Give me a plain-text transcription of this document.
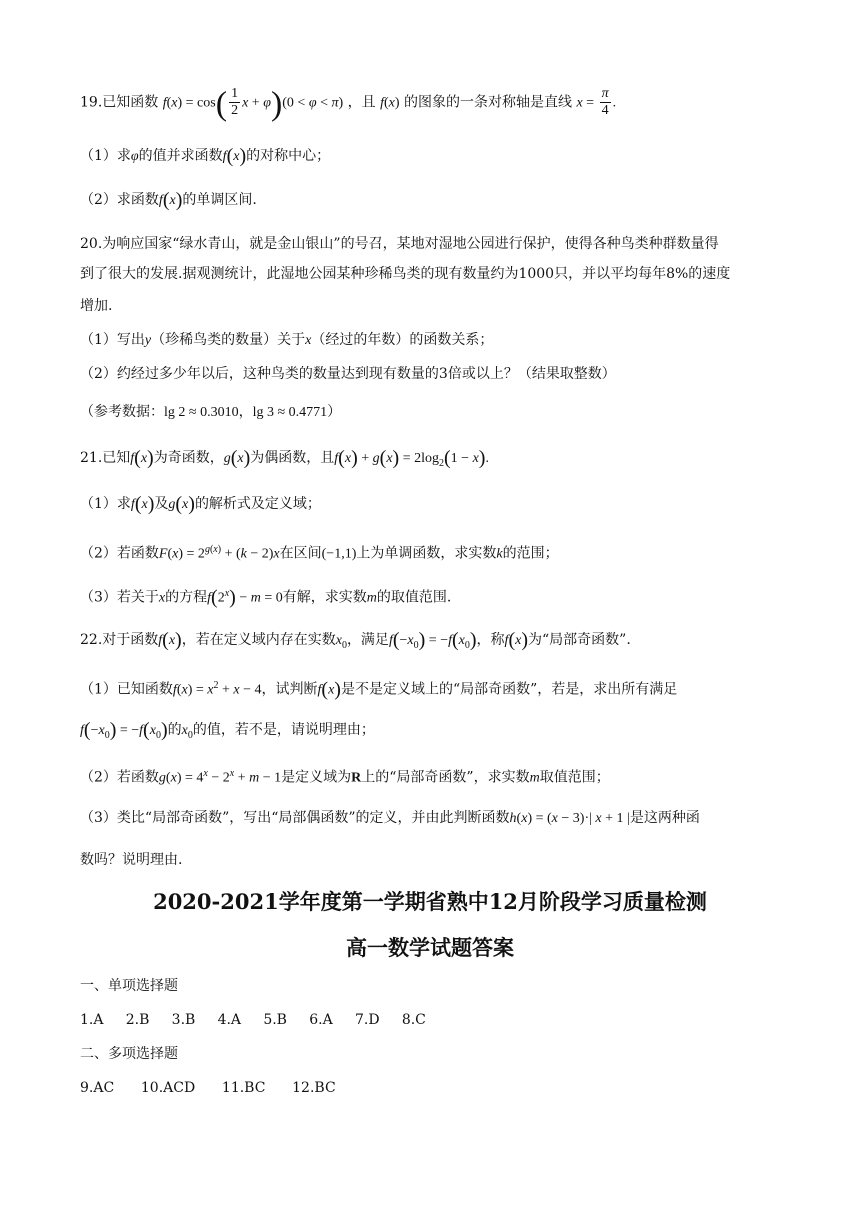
19.已知函数 $f(x) = \cos( \frac{1}{2}$ x + φ)(0 < φ < π) ，且 f(x) 的图象的一条对称轴是直线 $x = \frac{\pi}{4}$ .
（1）求φ的值并求函数f(x)的对称中心；
（2）求函数f(x)的单调区间.
20.为响应国家“绿水青山，就是金山银山”的号召，某地对湿地公园进行保护，使得各种鸟类种群数量得
到了很大的发展.据观测统计，此湿地公园某种珍稀鸟类的现有数量约为1000只，并以平均每年8%的速度
增加.
（1）写出y（珍稀鸟类的数量）关于x（经过的年数）的函数关系；
（2）约经过多少年以后，这种鸟类的数量达到现有数量的3倍或以上？（结果取整数）
（参考数据：lg 2 ≈ 0.3010，lg 3 ≈ 0.4771）
21.已知f(x)为奇函数，g(x)为偶函数，且$f(x) + g(x) = 2\log_2(1 - x)$.
（1）求f(x)及g(x)的解析式及定义域；
（2）若函数$F(x) = 2^{g(x)} + (k - 2)x$在区间(−1,1)上为单调函数，求实数k的范围；
（3）若关于x的方程$f(2^x) - m = 0$有解，求实数m的取值范围.
22.对于函数f(x)，若在定义域内存在实数$x_0$，满足$f(-x_0) = -f(x_0)$，称f(x)为“局部奇函数”.
（1）已知函数$f(x) = x^2 + x - 4$，试判断f(x)是不是定义域上的“局部奇函数”，若是，求出所有满足
$f(-x_0) = -f(x_0)$的$x_0$的值，若不是，请说明理由；
（2）若函数$g(x) = 4^x - 2^x + m - 1$是定义域为R上的“局部奇函数”，求实数m取值范围；
（3）类比“局部奇函数”，写出“局部偶函数”的定义，并由此判断函数h(x) = (x − 3)·| x + 1 |是这两种函
数吗？说明理由.
2020-2021学年度第一学期省熟中12月阶段学习质量检测
高一数学试题答案
一、单项选择题
1.A 2.B 3.B 4.A 5.B 6.A 7.D 8.C
二、多项选择题
9.AC 10.ACD 11.BC 12.BC
